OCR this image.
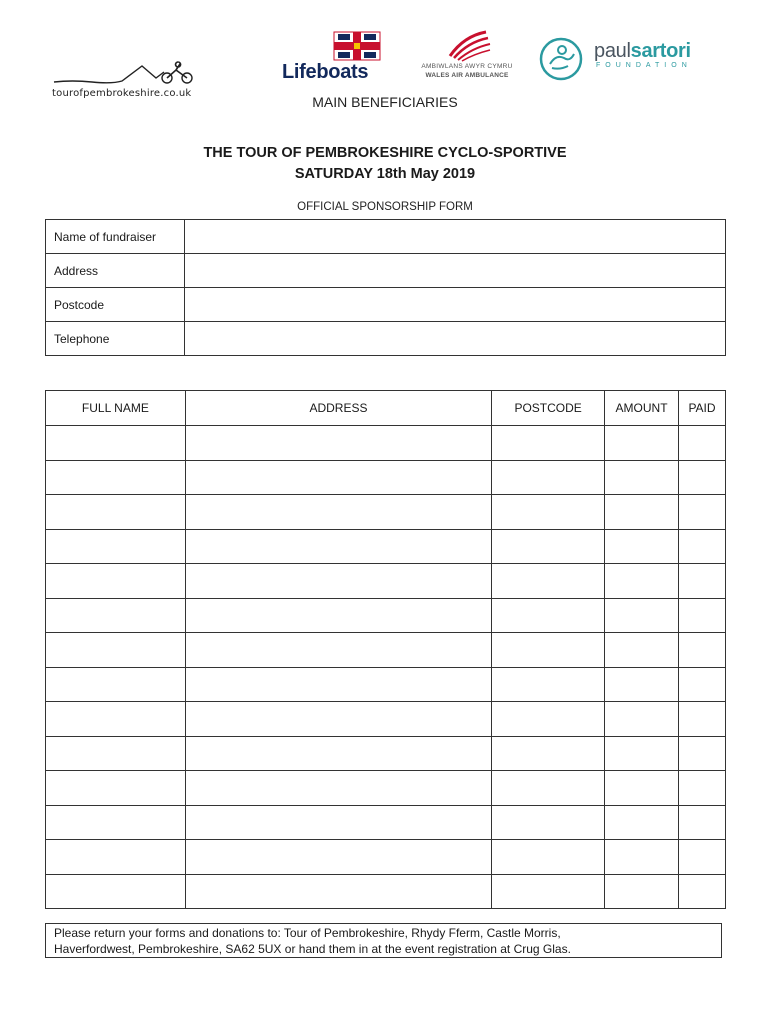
tourofpembrokeshire.co.uk
Lifeboats	AMBIWLANS AWYR CYMRU
WALES AIR AMBULANCE
paulsartori
FOUNDATION
MAIN BENEFICIARIES
THE TOUR OF PEMBROKESHIRE CYCLO-SPORTIVE
SATURDAY 18th May 2019
OFFICIAL SPONSORSHIP FORM
Name of fundraiser	
Address	
Postcode	
Telephone	
FULL NAME	ADDRESS	POSTCODE	AMOUNT	PAID

Please return your forms and donations to: Tour of Pembrokeshire, Rhydy Fferm, Castle Morris,
Haverfordwest, Pembrokeshire, SA62 5UX or hand them in at the event registration at Crug Glas.
